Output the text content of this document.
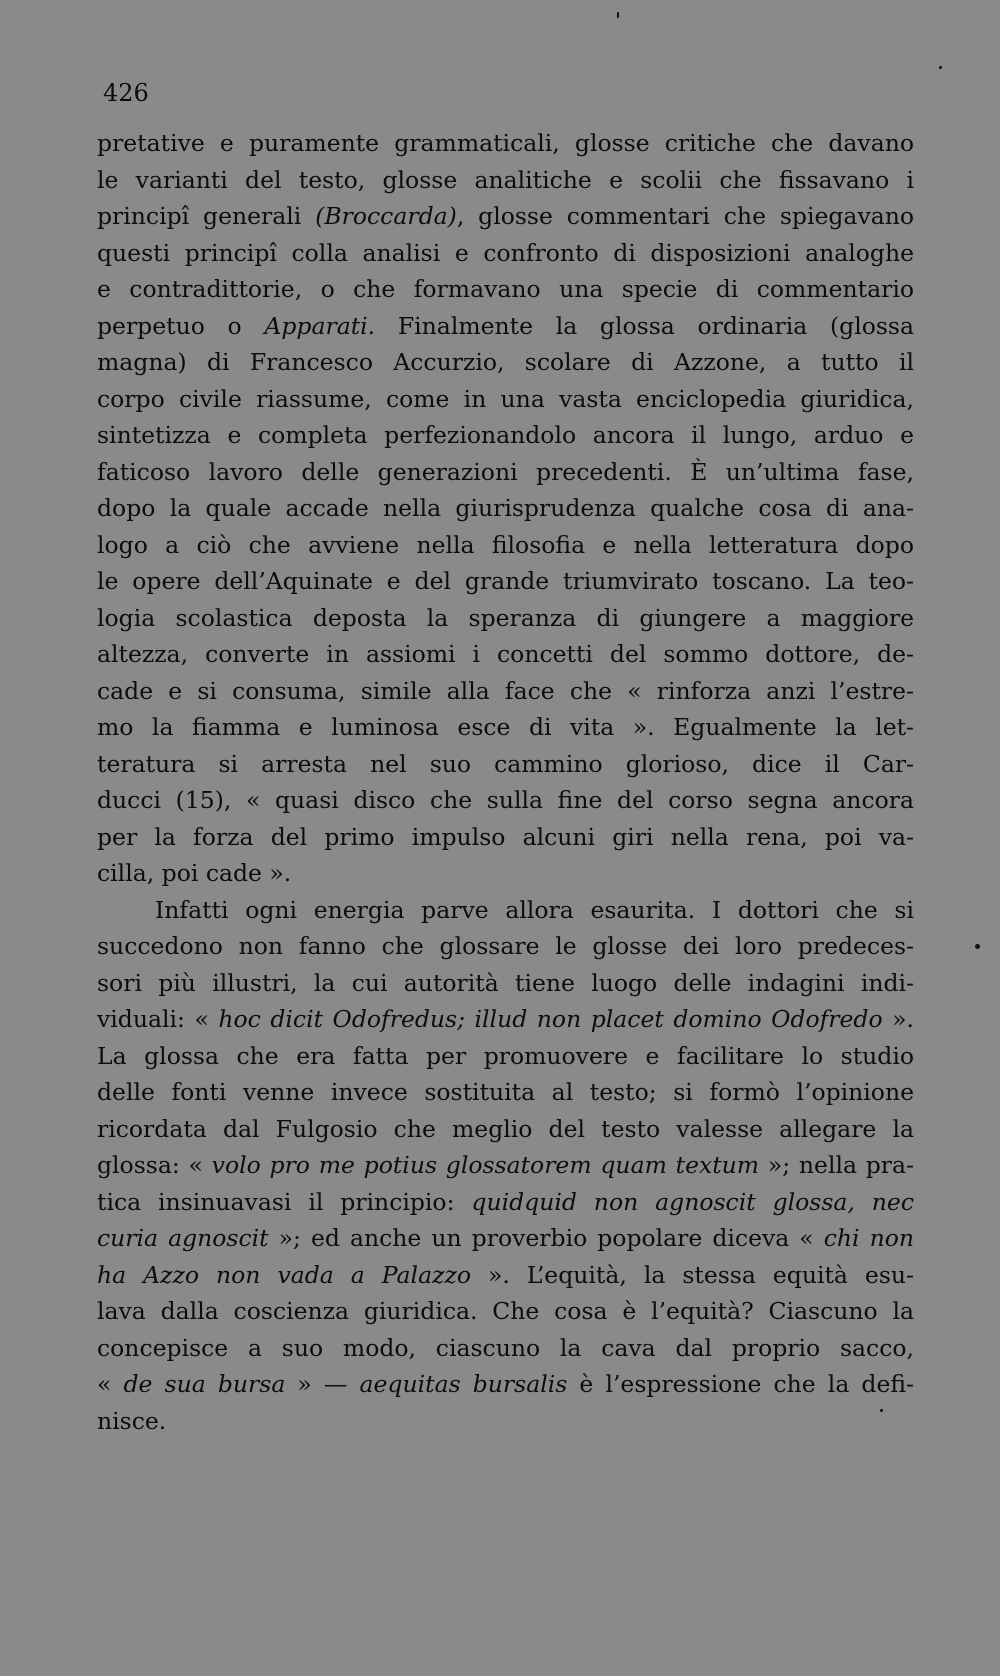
426
pretative e puramente grammaticali, glosse critiche che davano
le varianti del testo, glosse analitiche e scolii che fissavano i
principî generali (Broccarda), glosse commentari che spiegavano
questi principî colla analisi e confronto di disposizioni analoghe
e contradittorie, o che formavano una specie di commentario
perpetuo o Apparati. Finalmente la glossa ordinaria (glossa
magna) di Francesco Accurzio, scolare di Azzone, a tutto il
corpo civile riassume, come in una vasta enciclopedia giuridica,
sintetizza e completa perfezionandolo ancora il lungo, arduo e
faticoso lavoro delle generazioni precedenti. È un’ultima fase,
dopo la quale accade nella giurisprudenza qualche cosa di ana-
logo a ciò che avviene nella filosofia e nella letteratura dopo
le opere dell’Aquinate e del grande triumvirato toscano. La teo-
logia scolastica deposta la speranza di giungere a maggiore
altezza, converte in assiomi i concetti del sommo dottore, de-
cade e si consuma, simile alla face che « rinforza anzi l’estre-
mo la fiamma e luminosa esce di vita ». Egualmente la let-
teratura si arresta nel suo cammino glorioso, dice il Car-
ducci (15), « quasi disco che sulla fine del corso segna ancora
per la forza del primo impulso alcuni giri nella rena, poi va-
cilla, poi cade ».
Infatti ogni energia parve allora esaurita. I dottori che si
succedono non fanno che glossare le glosse dei loro predeces-
sori più illustri, la cui autorità tiene luogo delle indagini indi-
viduali: « hoc dicit Odofredus; illud non placet domino Odofredo ».
La glossa che era fatta per promuovere e facilitare lo studio
delle fonti venne invece sostituita al testo; si formò l’opinione
ricordata dal Fulgosio che meglio del testo valesse allegare la
glossa: « volo pro me potius glossatorem quam textum »; nella pra-
tica insinuavasi il principio: quidquid non agnoscit glossa, nec
curia agnoscit »; ed anche un proverbio popolare diceva « chi non
ha Azzo non vada a Palazzo ». L’equità, la stessa equità esu-
lava dalla coscienza giuridica. Che cosa è l’equità? Ciascuno la
concepisce a suo modo, ciascuno la cava dal proprio sacco,
« de sua bursa » — aequitas bursalis è l’espressione che la defi-
nisce.
